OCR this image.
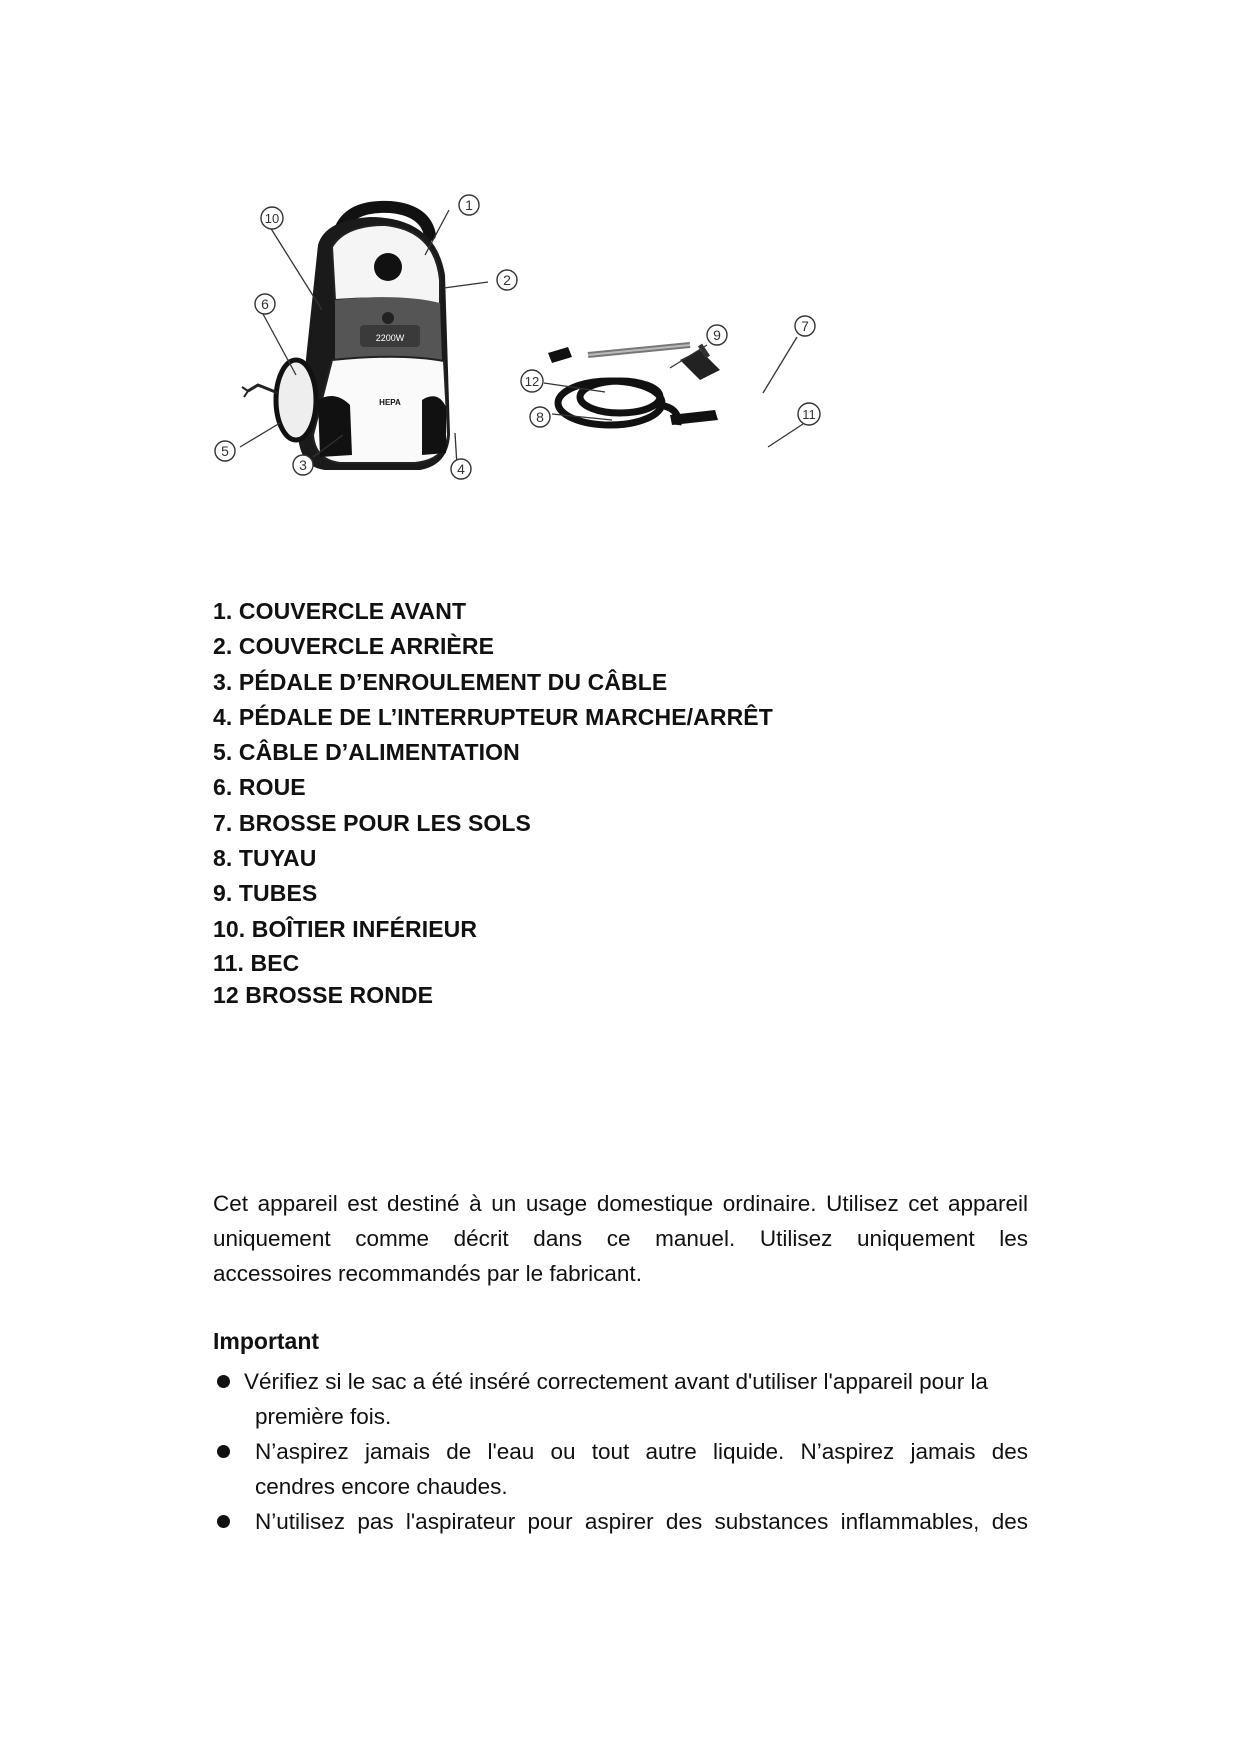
2200W
HEPA
1
2
3	4
5
6
7
8
9
10
11
12
1. COUVERCLE AVANT
2. COUVERCLE ARRIÈRE
3. PÉDALE D’ENROULEMENT DU CÂBLE
4. PÉDALE DE L’INTERRUPTEUR MARCHE/ARRÊT
5. CÂBLE D’ALIMENTATION
6. ROUE
7. BROSSE POUR LES SOLS
8. TUYAU
9. TUBES
10. BOÎTIER INFÉRIEUR
11. BEC
12 BROSSE RONDE

Cet appareil est destiné à un usage domestique ordinaire. Utilisez cet appareil
uniquement comme décrit dans ce manuel. Utilisez uniquement les
accessoires recommandés par le fabricant.

Important

Vérifiez si le sac a été inséré correctement avant d'utiliser l'appareil pour la
première fois.
N’aspirez jamais de l'eau ou tout autre liquide. N’aspirez jamais des
cendres encore chaudes.
N’utilisez pas l'aspirateur pour aspirer des substances inflammables, des
